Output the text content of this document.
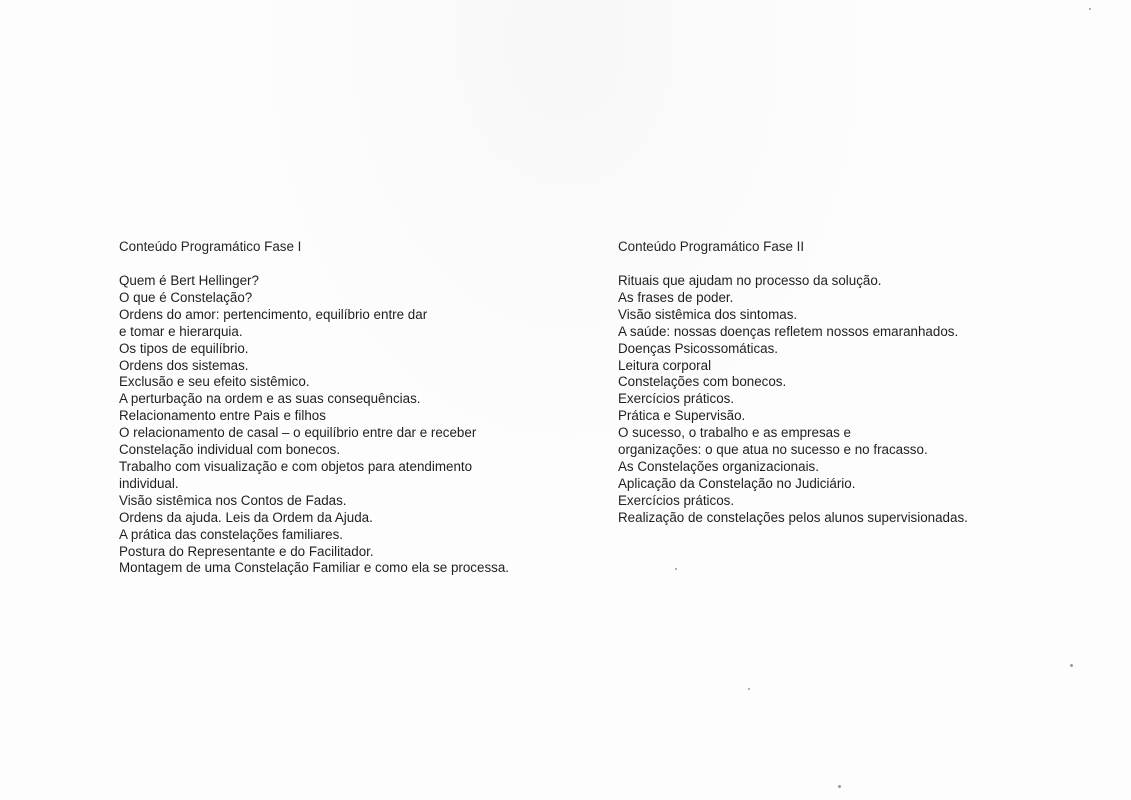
Conteúdo Programático Fase I
Quem é Bert Hellinger?
O que é Constelação?
Ordens do amor: pertencimento, equilíbrio entre dar
e tomar e hierarquia.
Os tipos de equilíbrio.
Ordens dos sistemas.
Exclusão e seu efeito sistêmico.
A perturbação na ordem e as suas consequências.
Relacionamento entre Pais e filhos
O relacionamento de casal – o equilíbrio entre dar e receber
Constelação individual com bonecos.
Trabalho com visualização e com objetos para atendimento
individual.
Visão sistêmica nos Contos de Fadas.
Ordens da ajuda. Leis da Ordem da Ajuda.
A prática das constelações familiares.
Postura do Representante e do Facilitador.
Montagem de uma Constelação Familiar e como ela se processa.
Conteúdo Programático Fase II
Rituais que ajudam no processo da solução.
As frases de poder.
Visão sistêmica dos sintomas.
A saúde: nossas doenças refletem nossos emaranhados.
Doenças Psicossomáticas.
Leitura corporal
Constelações com bonecos.
Exercícios práticos.
Prática e Supervisão.
O sucesso, o trabalho e as empresas e
organizações: o que atua no sucesso e no fracasso.
As Constelações organizacionais.
Aplicação da Constelação no Judiciário.
Exercícios práticos.
Realização de constelações pelos alunos supervisionadas.
